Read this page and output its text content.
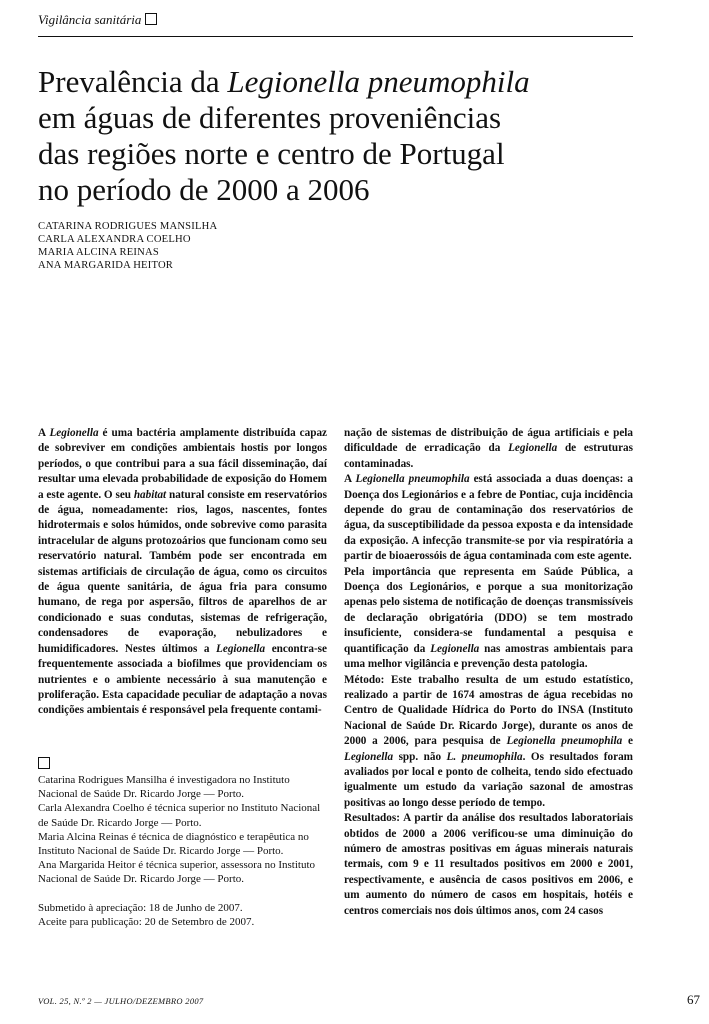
Vigilância sanitária
Prevalência da Legionella pneumophila
em águas de diferentes proveniências
das regiões norte e centro de Portugal
no período de 2000 a 2006
CATARINA RODRIGUES MANSILHA
CARLA ALEXANDRA COELHO
MARIA ALCINA REINAS
ANA MARGARIDA HEITOR

A Legionella é uma bactéria amplamente distribuída capaz de sobreviver em condições ambientais hostis por longos períodos, o que contribui para a sua fácil disseminação, daí resultar uma elevada probabilidade de exposição do Homem a este agente. O seu habitat natural consiste em reservatórios de água, nomeadamente: rios, lagos, nascentes, fontes hidrotermais e solos húmidos, onde sobrevive como parasita intracelular de alguns protozoários que funcionam como seu reservatório natural. Também pode ser encontrada em sistemas artificiais de circulação de água, como os circuitos de água quente sanitária, de água fria para consumo humano, de rega por aspersão, filtros de aparelhos de ar condicionado e suas condutas, sistemas de refrigeração, condensadores de evaporação, nebulizadores e humidificadores. Nestes últimos a Legionella encontra-se frequentemente associada a biofilmes que providenciam os nutrientes e o ambiente necessário à sua manutenção e proliferação. Esta capacidade peculiar de adaptação a novas condições ambientais é responsável pela frequente contami-

nação de sistemas de distribuição de água artificiais e pela dificuldade de erradicação da Legionella de estruturas contaminadas.

A Legionella pneumophila está associada a duas doenças: a Doença dos Legionários e a febre de Pontiac, cuja incidência depende do grau de contaminação dos reservatórios de água, da susceptibilidade da pessoa exposta e da intensidade da exposição. A infecção transmite-se por via respiratória a partir de bioaerossóis de água contaminada com este agente.

Pela importância que representa em Saúde Pública, a Doença dos Legionários, e porque a sua monitorização apenas pelo sistema de notificação de doenças transmissíveis de declaração obrigatória (DDO) se tem mostrado insuficiente, considera-se fundamental a pesquisa e quantificação da Legionella nas amostras ambientais para uma melhor vigilância e prevenção desta patologia.

Método: Este trabalho resulta de um estudo estatístico, realizado a partir de 1674 amostras de água recebidas no Centro de Qualidade Hídrica do Porto do INSA (Instituto Nacional de Saúde Dr. Ricardo Jorge), durante os anos de 2000 a 2006, para pesquisa de Legionella pneumophila e Legionella spp. não L. pneumophila. Os resultados foram avaliados por local e ponto de colheita, tendo sido efectuado igualmente um estudo da variação sazonal de amostras positivas ao longo desse período de tempo.

Resultados: A partir da análise dos resultados laboratoriais obtidos de 2000 a 2006 verificou-se uma diminuição do número de amostras positivas em águas minerais naturais termais, com 9 e 11 resultados positivos em 2000 e 2001, respectivamente, e ausência de casos positivos em 2006, e um aumento do número de casos em hospitais, hotéis e centros comerciais nos dois últimos anos, com 24 casos

Catarina Rodrigues Mansilha é investigadora no Instituto Nacional de Saúde Dr. Ricardo Jorge — Porto.
Carla Alexandra Coelho é técnica superior no Instituto Nacional de Saúde Dr. Ricardo Jorge — Porto.
Maria Alcina Reinas é técnica de diagnóstico e terapêutica no Instituto Nacional de Saúde Dr. Ricardo Jorge — Porto.
Ana Margarida Heitor é técnica superior, assessora no Instituto Nacional de Saúde Dr. Ricardo Jorge — Porto.
Submetido à apreciação: 18 de Junho de 2007.
Aceite para publicação: 20 de Setembro de 2007.
VOL. 25, N.º 2 — JULHO/DEZEMBRO 2007	67
